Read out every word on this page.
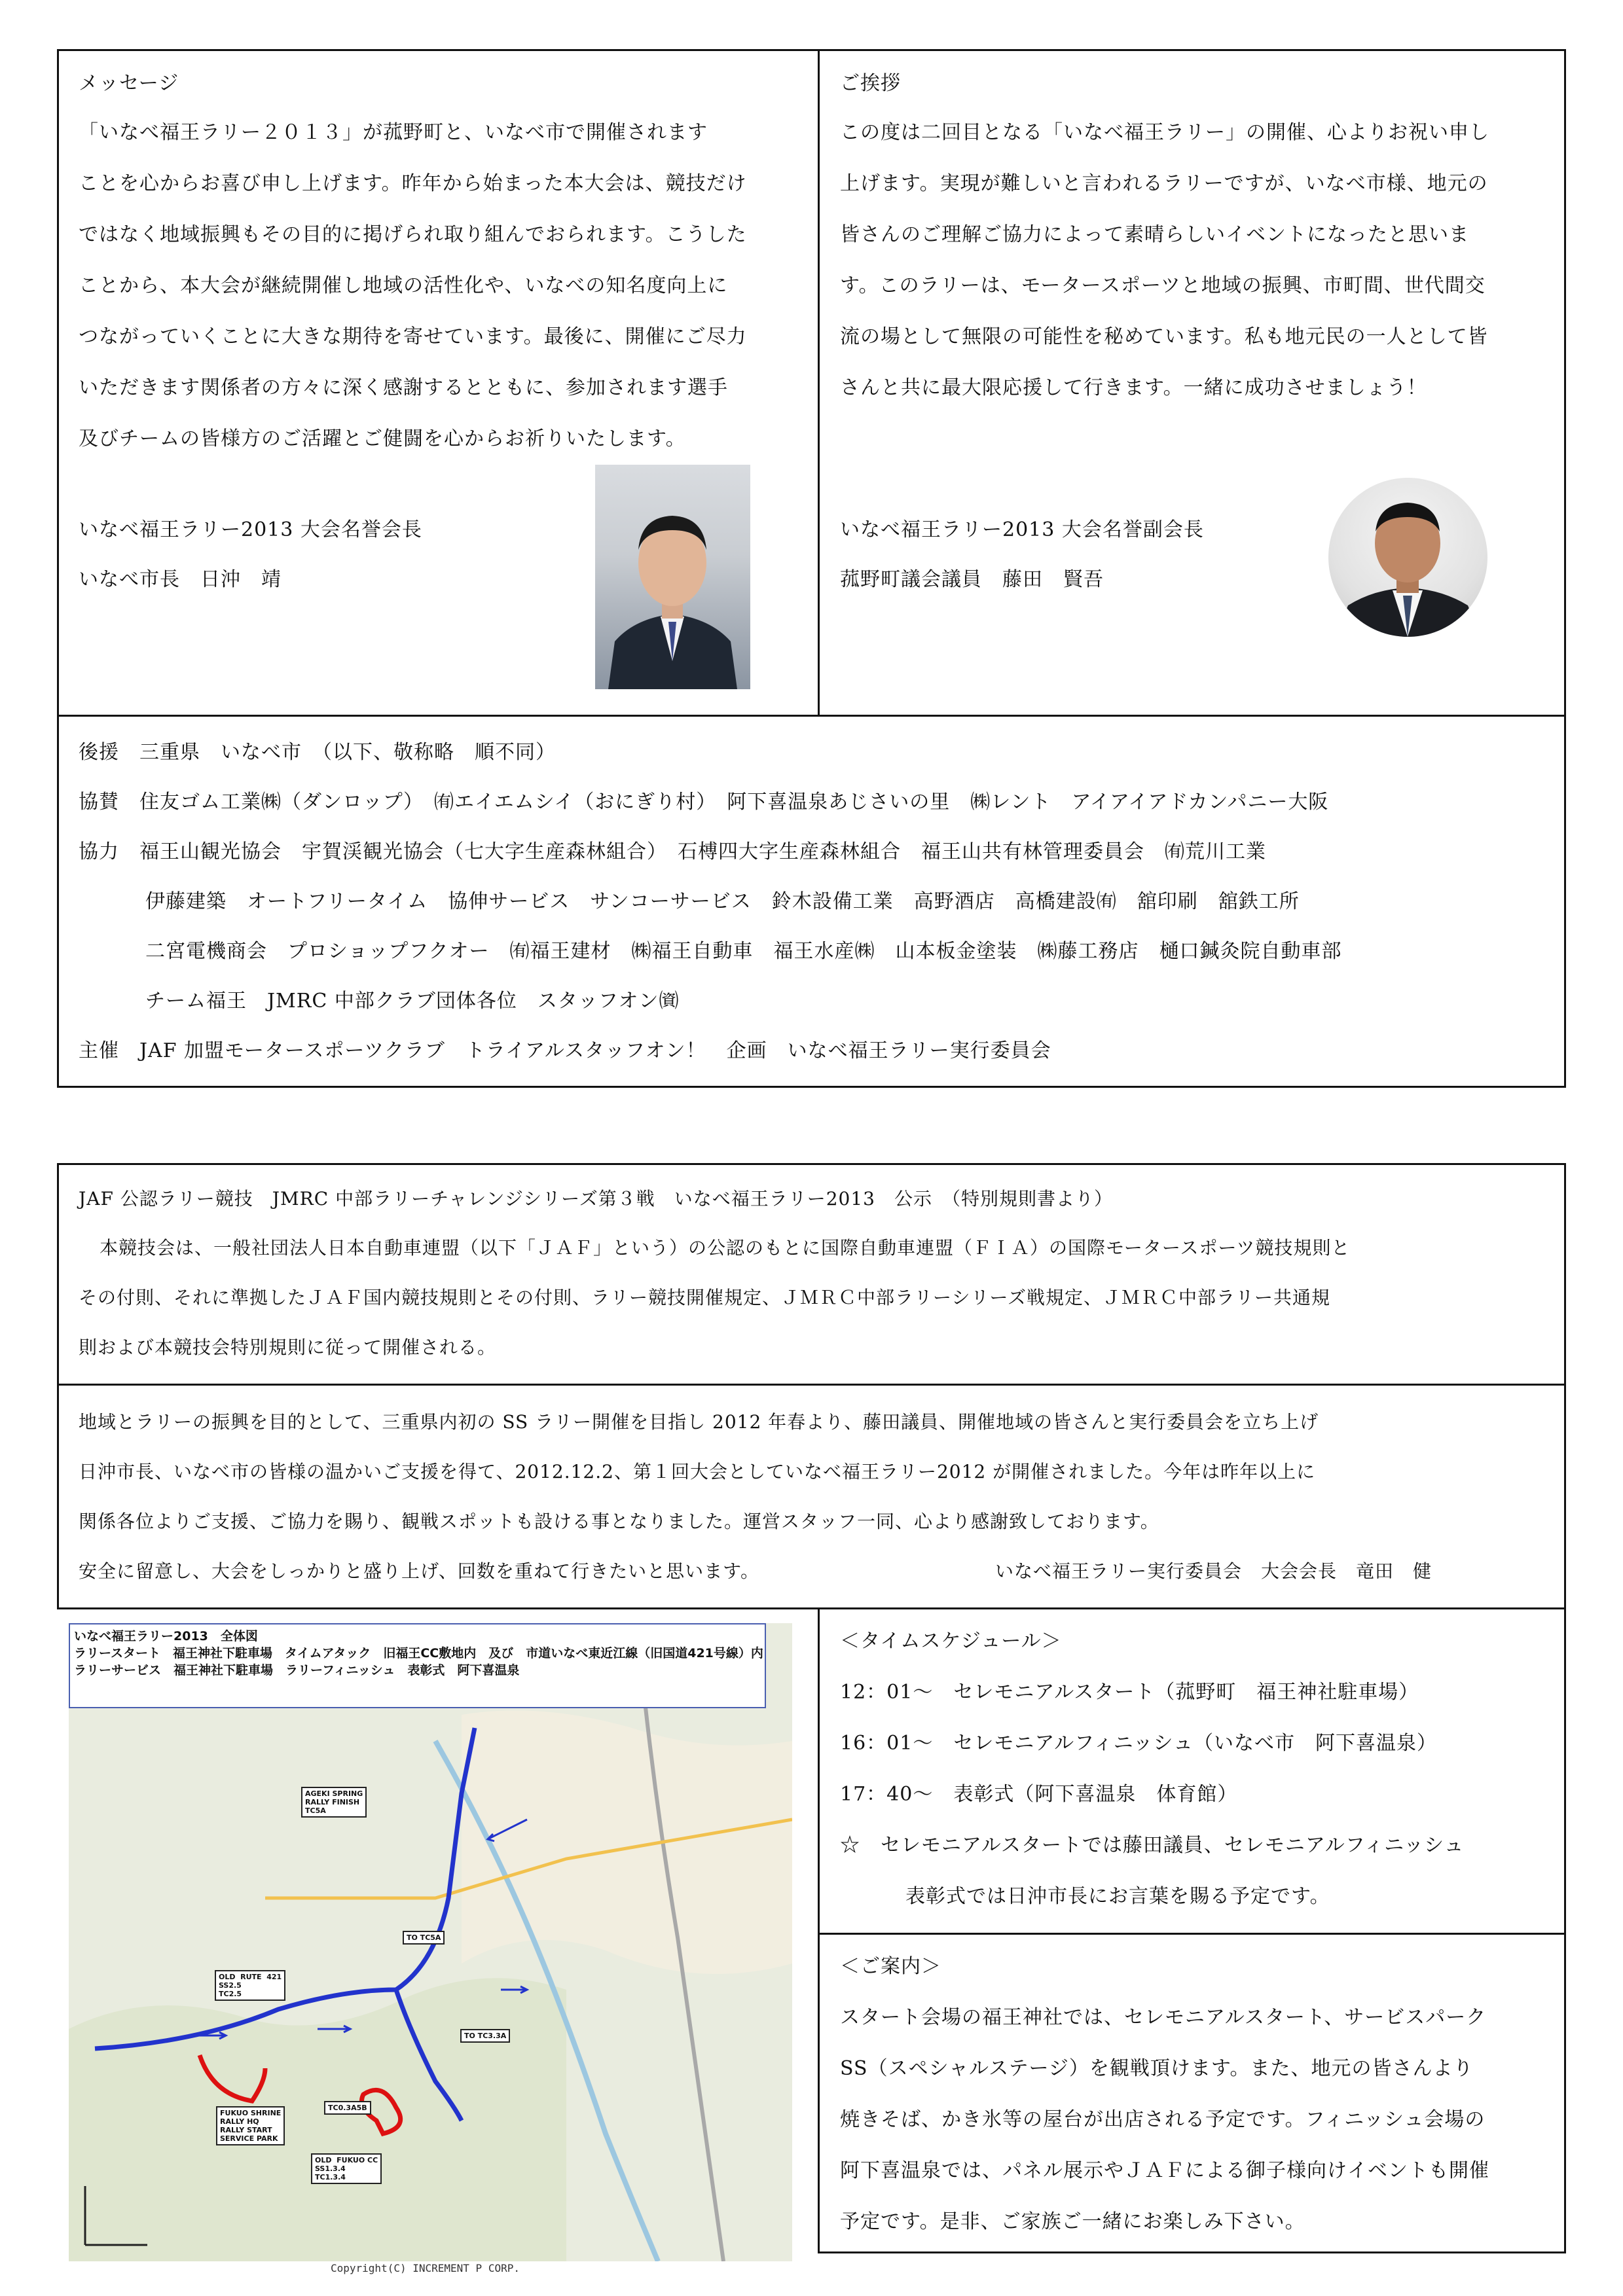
メッセージ
「いなべ福王ラリー２０１３」が菰野町と、いなべ市で開催されます
ことを心からお喜び申し上げます。昨年から始まった本大会は、競技だけ
ではなく地域振興もその目的に掲げられ取り組んでおられます。こうした
ことから、本大会が継続開催し地域の活性化や、いなべの知名度向上に
つながっていくことに大きな期待を寄せています。最後に、開催にご尽力
いただきます関係者の方々に深く感謝するとともに、参加されます選手
及びチームの皆様方のご活躍とご健闘を心からお祈りいたします。
いなべ福王ラリー2013 大会名誉会長
いなべ市長　日沖　靖
ご挨拶
この度は二回目となる「いなべ福王ラリー」の開催、心よりお祝い申し
上げます。実現が難しいと言われるラリーですが、いなべ市様、地元の
皆さんのご理解ご協力によって素晴らしいイベントになったと思いま
す。このラリーは、モータースポーツと地域の振興、市町間、世代間交
流の場として無限の可能性を秘めています。私も地元民の一人として皆
さんと共に最大限応援して行きます。一緒に成功させましょう！
いなべ福王ラリー2013 大会名誉副会長
菰野町議会議員　藤田　賢吾
後援　三重県　いなべ市　（以下、敬称略　順不同）
協賛　住友ゴム工業㈱（ダンロップ）　㈲エイエムシイ（おにぎり村）　阿下喜温泉あじさいの里　㈱レント　アイアイアドカンパニー大阪
協力　福王山観光協会　宇賀渓観光協会（七大字生産森林組合）　石榑四大字生産森林組合　福王山共有林管理委員会　㈲荒川工業
伊藤建築　オートフリータイム　協伸サービス　サンコーサービス　鈴木設備工業　高野酒店　高橋建設㈲　舘印刷　舘鉄工所
二宮電機商会　プロショップフクオー　㈲福王建材　㈱福王自動車　福王水産㈱　山本板金塗装　㈱藤工務店　樋口鍼灸院自動車部
チーム福王　JMRC 中部クラブ団体各位　スタッフオン㈾
主催　JAF 加盟モータースポーツクラブ　トライアルスタッフオン！　企画　いなべ福王ラリー実行委員会
JAF 公認ラリー競技　JMRC 中部ラリーチャレンジシリーズ第３戦　いなべ福王ラリー2013　公示　（特別規則書より）
本競技会は、一般社団法人日本自動車連盟（以下「ＪＡＦ」という）の公認のもとに国際自動車連盟（ＦＩＡ）の国際モータースポーツ競技規則と
その付則、それに準拠したＪＡＦ国内競技規則とその付則、ラリー競技開催規定、ＪＭＲＣ中部ラリーシリーズ戦規定、ＪＭＲＣ中部ラリー共通規
則および本競技会特別規則に従って開催される。
地域とラリーの振興を目的として、三重県内初の SS ラリー開催を目指し 2012 年春より、藤田議員、開催地域の皆さんと実行委員会を立ち上げ
日沖市長、いなべ市の皆様の温かいご支援を得て、2012.12.2、第１回大会としていなべ福王ラリー2012 が開催されました。今年は昨年以上に
関係各位よりご支援、ご協力を賜り、観戦スポットも設ける事となりました。運営スタッフ一同、心より感謝致しております。
安全に留意し、大会をしっかりと盛り上げ、回数を重ねて行きたいと思います。	いなべ福王ラリー実行委員会　大会会長　竜田　健
AGEKI SPRING
RALLY FINISH
TC5A
OLD  RUTE  421
SS2.5
TC2.5
TO TC5A
TO TC3.3A
TC0.3A5B
FUKUO SHRINE
RALLY HQ
RALLY START
SERVICE PARK
OLD  FUKUO CC
SS1.3.4
TC1.3.4
いなべ福王ラリー2013　全体図
ラリースタート　福王神社下駐車場　タイムアタック　旧福王CC敷地内　及び　市道いなべ東近江線（旧国道421号線）内
ラリーサービス　福王神社下駐車場　ラリーフィニッシュ　表彰式　阿下喜温泉
Copyright(C) INCREMENT P CORP.
＜タイムスケジュール＞
12：01～　セレモニアルスタート（菰野町　福王神社駐車場）
16：01～　セレモニアルフィニッシュ（いなべ市　阿下喜温泉）
17：40～　表彰式（阿下喜温泉　体育館）
☆　セレモニアルスタートでは藤田議員、セレモニアルフィニッシュ
表彰式では日沖市長にお言葉を賜る予定です。
＜ご案内＞
スタート会場の福王神社では、セレモニアルスタート、サービスパーク
SS（スペシャルステージ）を観戦頂けます。また、地元の皆さんより
焼きそば、かき氷等の屋台が出店される予定です。フィニッシュ会場の
阿下喜温泉では、パネル展示やＪＡＦによる御子様向けイベントも開催
予定です。是非、ご家族ご一緒にお楽しみ下さい。
